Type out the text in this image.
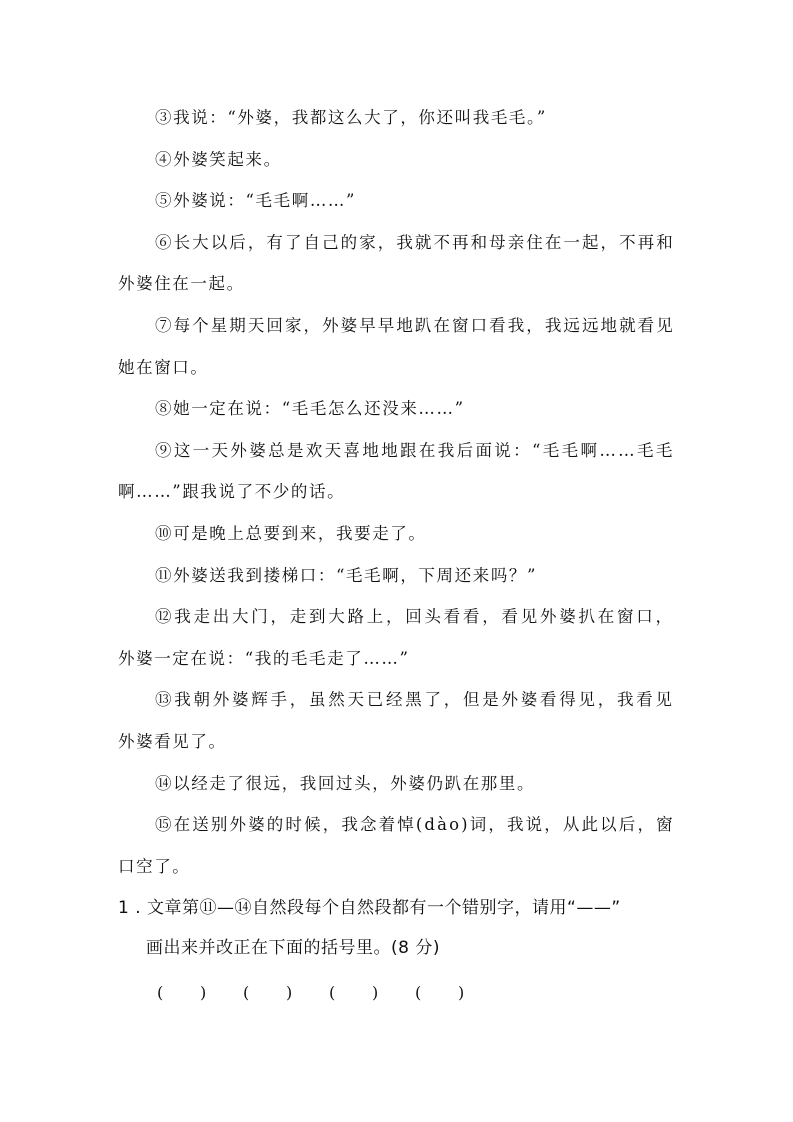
③我说：“外婆，我都这么大了，你还叫我毛毛。”
④外婆笑起来。
⑤外婆说：“毛毛啊……”
⑥长大以后，有了自己的家，我就不再和母亲住在一起，不再和
外婆住在一起。
⑦每个星期天回家，外婆早早地趴在窗口看我，我远远地就看见
她在窗口。
⑧她一定在说：“毛毛怎么还没来……”
⑨这一天外婆总是欢天喜地地跟在我后面说：“毛毛啊……毛毛
啊……”跟我说了不少的话。
⑩可是晚上总要到来，我要走了。
⑪外婆送我到搂梯口：“毛毛啊，下周还来吗？”
⑫我走出大门，走到大路上，回头看看，看见外婆扒在窗口，
外婆一定在说：“我的毛毛走了……”
⑬我朝外婆辉手，虽然天已经黑了，但是外婆看得见，我看见
外婆看见了。
⑭以经走了很远，我回过头，外婆仍趴在那里。
⑮在送别外婆的时候，我念着悼(dào)词，我说，从此以后，窗
口空了。
1 . 文章第⑪—⑭自然段每个自然段都有一个错别字，请用“——”
画出来并改正在下面的括号里。(8 分)
(	)	(	)	(	)	(	)
